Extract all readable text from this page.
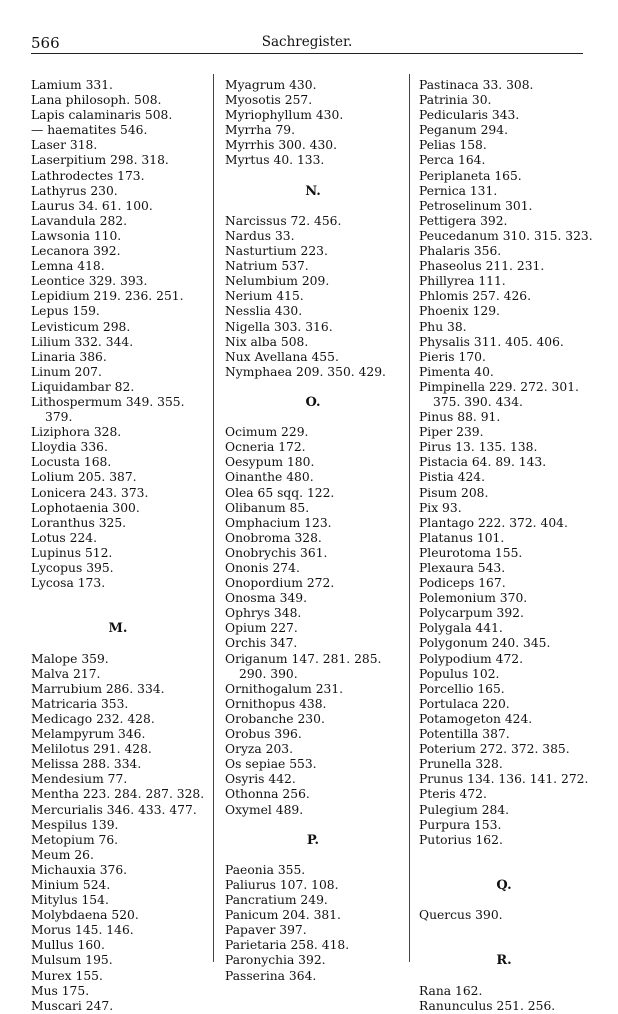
566	Sachregister.
Lamium 331.
Lana philosoph. 508.
Lapis calaminaris 508.
— haematites 546.
Laser 318.
Laserpitium 298. 318.
Lathrodectes 173.
Lathyrus 230.
Laurus 34. 61. 100.
Lavandula 282.
Lawsonia 110.
Lecanora 392.
Lemna 418.
Leontice 329. 393.
Lepidium 219. 236. 251.
Lepus 159.
Levisticum 298.
Lilium 332. 344.
Linaria 386.
Linum 207.
Liquidambar 82.
Lithospermum 349. 355.
379.
Liziphora 328.
Lloydia 336.
Locusta 168.
Lolium 205. 387.
Lonicera 243. 373.
Lophotaenia 300.
Loranthus 325.
Lotus 224.
Lupinus 512.
Lycopus 395.
Lycosa 173.
M.
Malope 359.
Malva 217.
Marrubium 286. 334.
Matricaria 353.
Medicago 232. 428.
Melampyrum 346.
Melilotus 291. 428.
Melissa 288. 334.
Mendesium 77.
Mentha 223. 284. 287. 328.
Mercurialis 346. 433. 477.
Mespilus 139.
Metopium 76.
Meum 26.
Michauxia 376.
Minium 524.
Mitylus 154.
Molybdaena 520.
Morus 145. 146.
Mullus 160.
Mulsum 195.
Murex 155.
Mus 175.
Muscari 247.
Myagrum 430.
Myosotis 257.
Myriophyllum 430.
Myrrha 79.
Myrrhis 300. 430.
Myrtus 40. 133.
N.
Narcissus 72. 456.
Nardus 33.
Nasturtium 223.
Natrium 537.
Nelumbium 209.
Nerium 415.
Nesslia 430.
Nigella 303. 316.
Nix alba 508.
Nux Avellana 455.
Nymphaea 209. 350. 429.
O.
Ocimum 229.
Ocneria 172.
Oesypum 180.
Oinanthe 480.
Olea 65 sqq. 122.
Olibanum 85.
Omphacium 123.
Onobroma 328.
Onobrychis 361.
Ononis 274.
Onopordium 272.
Onosma 349.
Ophrys 348.
Opium 227.
Orchis 347.
Origanum 147. 281. 285.
290. 390.
Ornithogalum 231.
Ornithopus 438.
Orobanche 230.
Orobus 396.
Oryza 203.
Os sepiae 553.
Osyris 442.
Othonna 256.
Oxymel 489.
P.
Paeonia 355.
Paliurus 107. 108.
Pancratium 249.
Panicum 204. 381.
Papaver 397.
Parietaria 258. 418.
Paronychia 392.
Passerina 364.
Pastinaca 33. 308.
Patrinia 30.
Pedicularis 343.
Peganum 294.
Pelias 158.
Perca 164.
Periplaneta 165.
Pernica 131.
Petroselinum 301.
Pettigera 392.
Peucedanum 310. 315. 323.
Phalaris 356.
Phaseolus 211. 231.
Phillyrea 111.
Phlomis 257. 426.
Phoenix 129.
Phu 38.
Physalis 311. 405. 406.
Pieris 170.
Pimenta 40.
Pimpinella 229. 272. 301.
375. 390. 434.
Pinus 88. 91.
Piper 239.
Pirus 13. 135. 138.
Pistacia 64. 89. 143.
Pistia 424.
Pisum 208.
Pix 93.
Plantago 222. 372. 404.
Platanus 101.
Pleurotoma 155.
Plexaura 543.
Podiceps 167.
Polemonium 370.
Polycarpum 392.
Polygala 441.
Polygonum 240. 345.
Polypodium 472.
Populus 102.
Porcellio 165.
Portulaca 220.
Potamogeton 424.
Potentilla 387.
Poterium 272. 372. 385.
Prunella 328.
Prunus 134. 136. 141. 272.
Pteris 472.
Pulegium 284.
Purpura 153.
Putorius 162.
Q.
Quercus 390.
R.
Rana 162.
Ranunculus 251. 256.
